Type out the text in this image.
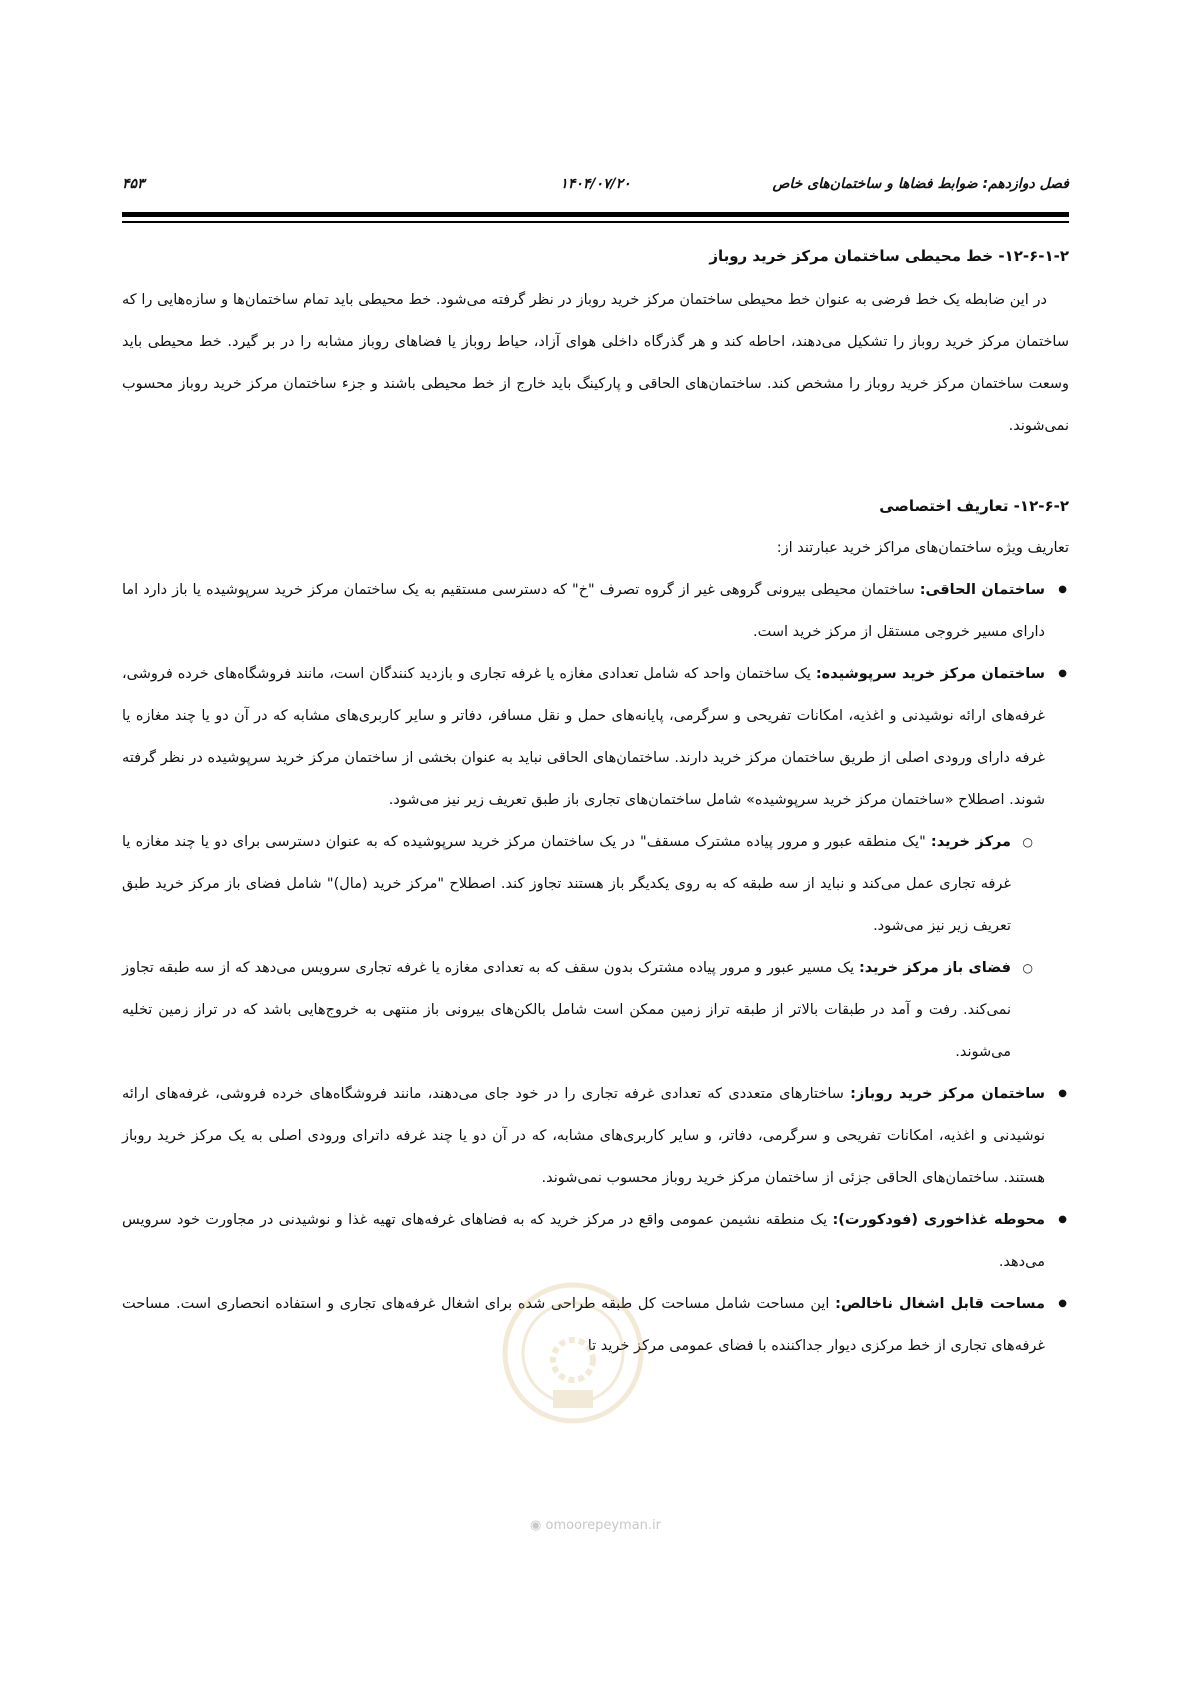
فصل دوازدهم: ضوابط فضاها و ساختمان‌های خاص
۱۴۰۴/۰۷/۲۰
۴۵۳
۱۲-۶-۱-۲- خط محیطی ساختمان مرکز خرید روباز

در این ضابطه یک خط فرضی به عنوان خط محیطی ساختمان مرکز خرید روباز در نظر گرفته می‌شود. خط محیطی باید تمام ساختمان‌ها و سازه‌هایی را که ساختمان مرکز خرید روباز را تشکیل می‌دهند، احاطه کند و هر گذرگاه داخلی هوای آزاد، حیاط روباز یا فضاهای روباز مشابه را در بر گیرد. خط محیطی باید وسعت ساختمان مرکز خرید روباز را مشخص کند. ساختمان‌های الحاقی و پارکینگ باید خارج از خط محیطی باشند و جزء ساختمان مرکز خرید روباز محسوب نمی‌شوند.

۱۲-۶-۲- تعاریف اختصاصی

تعاریف ویژه ساختمان‌های مراکز خرید عبارتند از:

● ساختمان الحاقی: ساختمان محیطی بیرونی گروهی غیر از گروه تصرف "خ" که دسترسی مستقیم به یک ساختمان مرکز خرید سرپوشیده یا باز دارد اما دارای مسیر خروجی مستقل از مرکز خرید است.
● ساختمان مرکز خرید سرپوشیده: یک ساختمان واحد که شامل تعدادی مغازه یا غرفه تجاری و بازدید کنندگان است، مانند فروشگاه‌های خرده فروشی، غرفه‌های ارائه نوشیدنی و اغذیه، امکانات تفریحی و سرگرمی، پایانه‌های حمل و نقل مسافر، دفاتر و سایر کاربری‌های مشابه که در آن دو یا چند مغازه یا غرفه دارای ورودی اصلی از طریق ساختمان مرکز خرید دارند. ساختمان‌های الحاقی نباید به عنوان بخشی از ساختمان مرکز خرید سرپوشیده در نظر گرفته شوند. اصطلاح «ساختمان مرکز خرید سرپوشیده» شامل ساختمان‌های تجاری باز طبق تعریف زیر نیز می‌شود.
○ مرکز خرید: "یک منطقه عبور و مرور پیاده مشترک مسقف" در یک ساختمان مرکز خرید سرپوشیده که به عنوان دسترسی برای دو یا چند مغازه یا غرفه تجاری عمل می‌کند و نباید از سه طبقه که به روی یکدیگر باز هستند تجاوز کند. اصطلاح "مرکز خرید (مال)" شامل فضای باز مرکز خرید طبق تعریف زیر نیز می‌شود.
○ فضای باز مرکز خرید: یک مسیر عبور و مرور پیاده مشترک بدون سقف که به تعدادی مغازه یا غرفه تجاری سرویس می‌دهد که از سه طبقه تجاوز نمی‌کند. رفت و آمد در طبقات بالاتر از طبقه تراز زمین ممکن است شامل بالکن‌های بیرونی باز منتهی به خروج‌هایی باشد که در تراز زمین تخلیه می‌شوند.
● ساختمان مرکز خرید روباز: ساختارهای متعددی که تعدادی غرفه تجاری را در خود جای می‌دهند، مانند فروشگاه‌های خرده فروشی، غرفه‌های ارائه نوشیدنی و اغذیه، امکانات تفریحی و سرگرمی، دفاتر، و سایر کاربری‌های مشابه، که در آن دو یا چند غرفه داترای ورودی اصلی به یک مرکز خرید روباز هستند. ساختمان‌های الحاقی جزئی از ساختمان مرکز خرید روباز محسوب نمی‌شوند.
● محوطه غذاخوری (فودکورت): یک منطقه نشیمن عمومی واقع در مرکز خرید که به فضاهای غرفه‌های تهیه غذا و نوشیدنی در مجاورت خود سرویس می‌دهد.
● مساحت قابل اشغال ناخالص: این مساحت شامل مساحت کل طبقه طراحی شده برای اشغال غرفه‌های تجاری و استفاده انحصاری است. مساحت غرفه‌های تجاری از خط مرکزی دیوار جداکننده با فضای عمومی مرکز خرید تا
◉ omoorepeyman.ir
